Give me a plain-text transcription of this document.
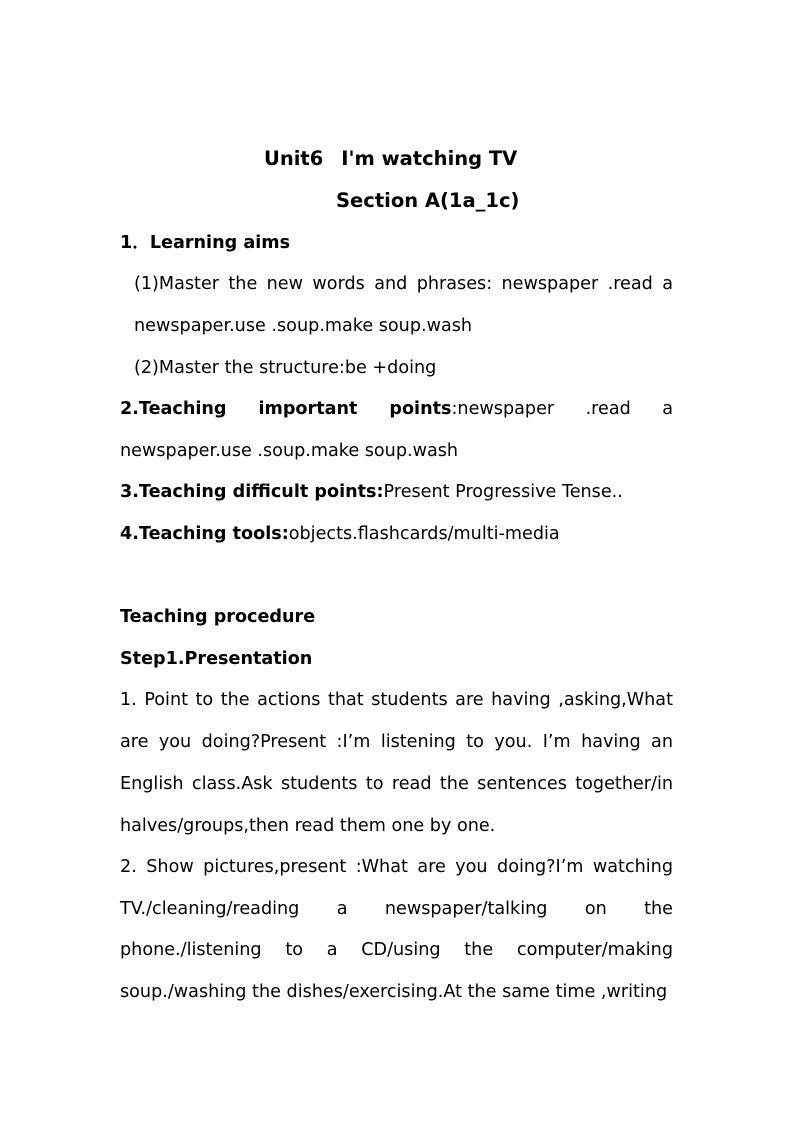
Unit6 I'm watching TV
Section A(1a_1c)
1．Learning aims
(1)Master the new words and phrases: newspaper .read a
newspaper.use .soup.make soup.wash
(2)Master the structure:be +doing
2.Teaching important points:newspaper .read a
newspaper.use .soup.make soup.wash
3.Teaching difficult points:Present Progressive Tense..
4.Teaching tools:objects.flashcards/multi-media
Teaching procedure
Step1.Presentation
1. Point to the actions that students are having ,asking,What
are you doing?Present :I’m listening to you. I’m having an
English class.Ask students to read the sentences together/in
halves/groups,then read them one by one.
2. Show pictures,present :What are you doing?I’m watching
TV./cleaning/reading a newspaper/talking on the
phone./listening to a CD/using the computer/making
soup./washing the dishes/exercising.At the same time ,writing
